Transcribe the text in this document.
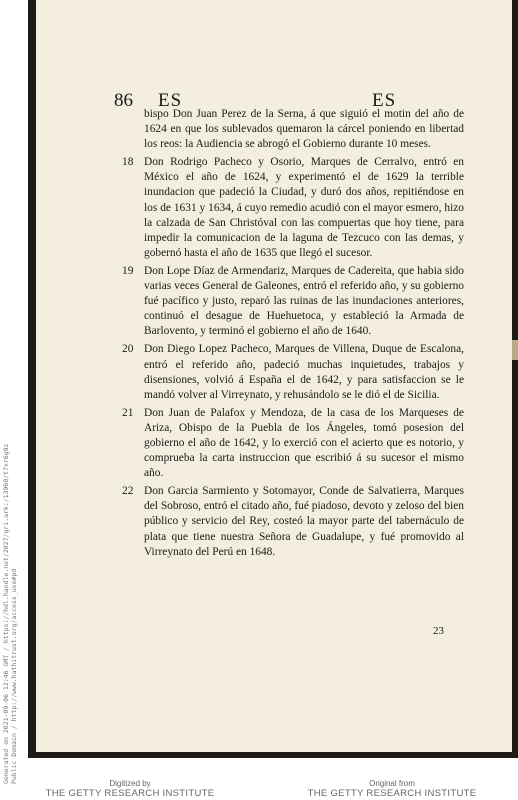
86 ES	ES

bispo Don Juan Perez de la Serna, á que siguió el motin del año de 1624 en que los sublevados quemaron la cárcel poniendo en libertad los reos: la Audiencia se abrogó el Gobierno durante 10 meses.

18 Don Rodrigo Pacheco y Osorio, Marques de Cerralvo, entró en México el año de 1624, y experimentó el de 1629 la terrible inundacion que padeció la Ciudad, y duró dos años, repitiéndose en los de 1631 y 1634, á cuyo remedio acudió con el mayor esmero, hizo la calzada de San Christóval con las compuertas que hoy tiene, para impedir la comunicacion de la laguna de Tezcuco con las demas, y gobernó hasta el año de 1635 que llegó el sucesor.
19 Don Lope Díaz de Armendariz, Marques de Cadereita, que habia sido varias veces General de Galeones, entró el referido año, y su gobierno fué pacífico y justo, reparó las ruinas de las inundaciones anteriores, continuó el desague de Huehuetoca, y estableció la Armada de Barlovento, y terminó el gobierno el año de 1640.
20 Don Diego Lopez Pacheco, Marques de Villena, Duque de Escalona, entró el referido año, padeció muchas inquietudes, trabajos y disensiones, volvió á España el de 1642, y para satisfaccion se le mandó volver al Virreynato, y rehusándolo se le dió el de Sicilia.
21 Don Juan de Palafox y Mendoza, de la casa de los Marqueses de Ariza, Obispo de la Puebla de los Ángeles, tomó posesion del gobierno el año de 1642, y lo exerció con el acierto que es notorio, y comprueba la carta instruccion que escribió á su sucesor el mismo año.
22 Don Garcia Sarmiento y Sotomayor, Conde de Salvatierra, Marques del Sobroso, entró el citado año, fué piadoso, devoto y zeloso del bien público y servicio del Rey, costeó la mayor parte del tabernáculo de plata que tiene nuestra Señora de Guadalupe, y fué promovido al Virreynato del Perú en 1648.
23
Generated on 2021-09-06 12:46 GMT / https://hdl.handle.net/2027/gri.ark:/13960/t7xr6g9z Public Domain / http://www.hathitrust.org/access_use#pd	Digitized by
THE GETTY RESEARCH INSTITUTE
Original from
THE GETTY RESEARCH INSTITUTE
